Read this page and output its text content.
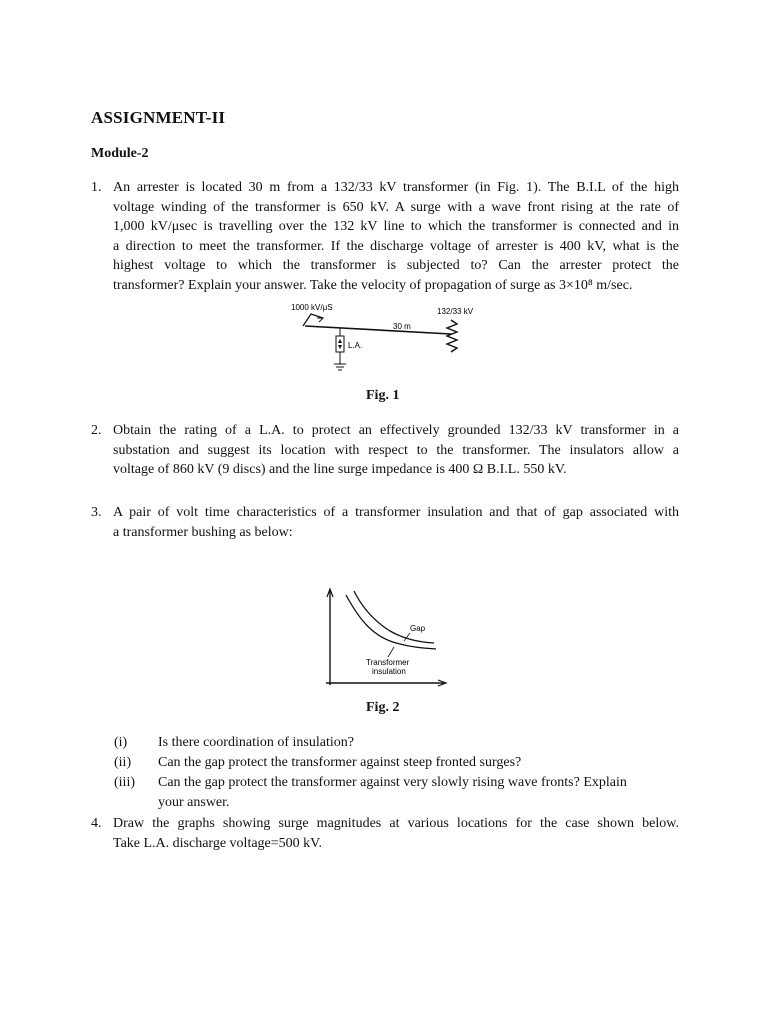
ASSIGNMENT-II
Module-2
1. An arrester is located 30 m from a 132/33 kV transformer (in Fig. 1). The B.I.L of the high
voltage winding of the transformer is 650 kV. A surge with a wave front rising at the rate of
1,000 kV/μsec is travelling over the 132 kV line to which the transformer is connected and in
a direction to meet the transformer. If the discharge voltage of arrester is 400 kV, what is the
highest voltage to which the transformer is subjected to? Can the arrester protect the
transformer? Explain your answer. Take the velocity of propagation of surge as 3×10⁸ m/sec.
1000 kV/μS
30 m
132/33 kV
L.A.
Fig. 1
2. Obtain the rating of a L.A. to protect an effectively grounded 132/33 kV transformer in a
substation and suggest its location with respect to the transformer. The insulators allow a
voltage of 860 kV (9 discs) and the line surge impedance is 400 Ω B.I.L. 550 kV.
3. A pair of volt time characteristics of a transformer insulation and that of gap associated with
a transformer bushing as below:
Gap
Transformer
insulation
Fig. 2
(i)	Is there coordination of insulation?
(ii)	Can the gap protect the transformer against steep fronted surges?
(iii)	Can the gap protect the transformer against very slowly rising wave fronts? Explain
your answer.
4. Draw the graphs showing surge magnitudes at various locations for the case shown below.
Take L.A. discharge voltage=500 kV.
